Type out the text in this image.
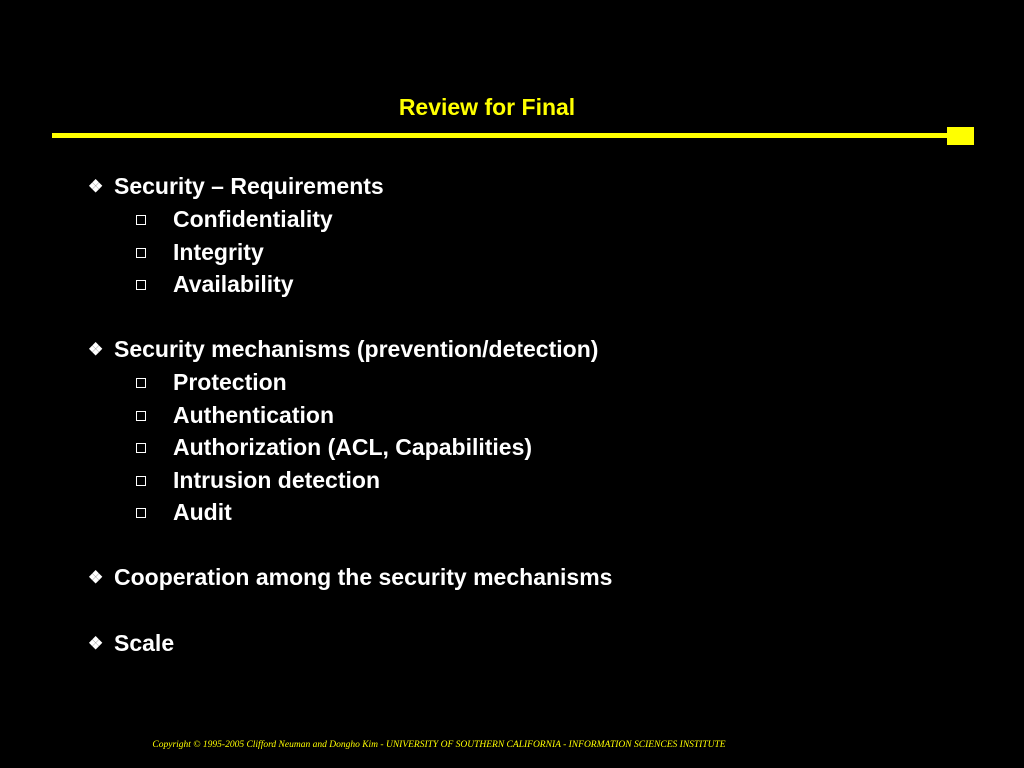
Review for Final
❖ Security – Requirements
Confidentiality
Integrity
Availability
❖ Security mechanisms (prevention/detection)
Protection
Authentication
Authorization (ACL, Capabilities)
Intrusion detection
Audit
❖ Cooperation among the security mechanisms
❖ Scale
Copyright © 1995-2005 Clifford Neuman and Dongho Kim - UNIVERSITY OF SOUTHERN CALIFORNIA - INFORMATION SCIENCES INSTITUTE
